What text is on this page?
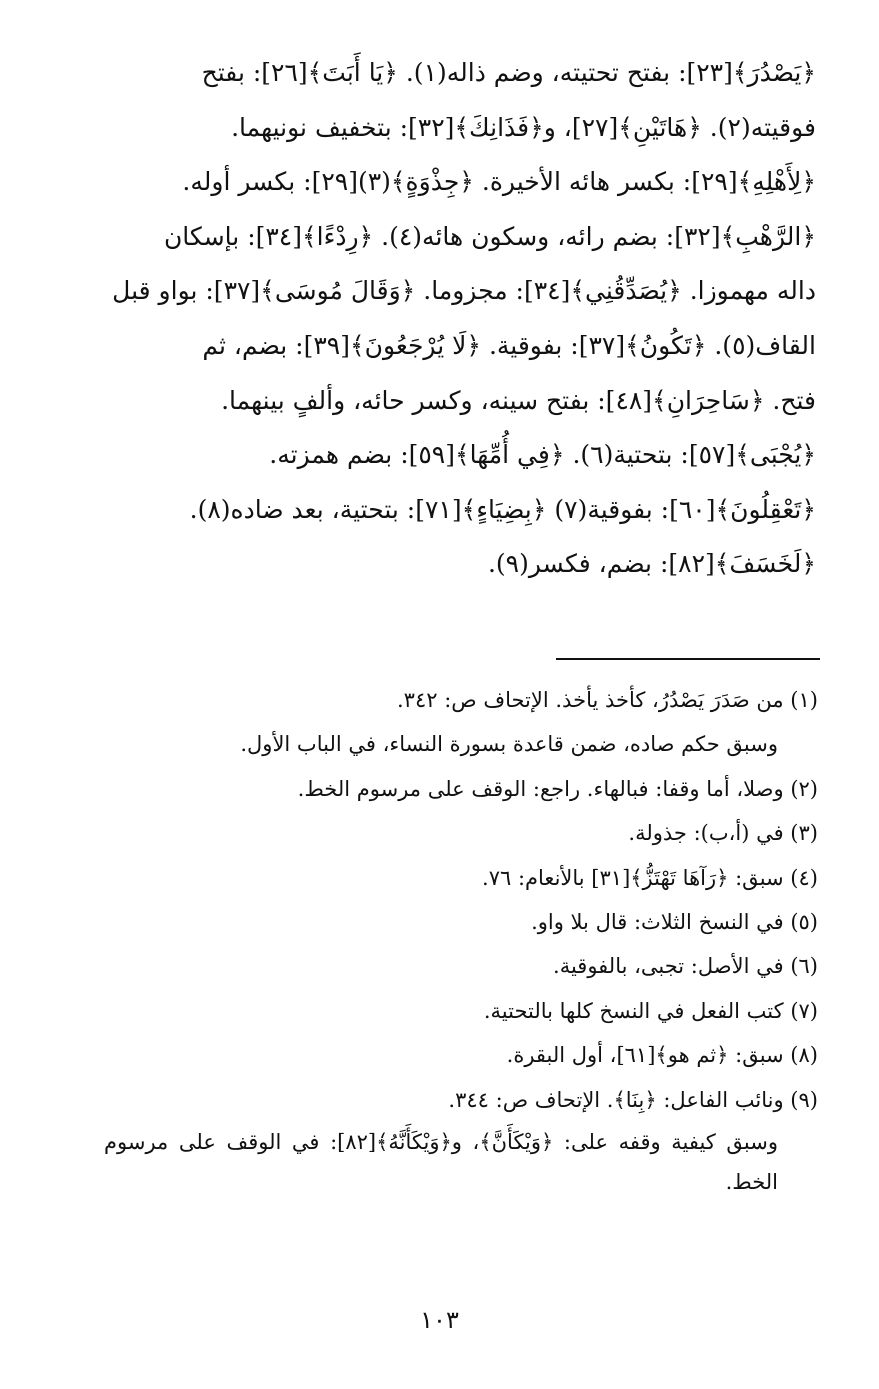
﴿يَصْدُرَ﴾[٢٣]: بفتح تحتيته، وضم ذاله(١). ﴿يَا أَبَتَ﴾[٢٦]: بفتح

فوقيته(٢). ﴿هَاتَيْنِ﴾[٢٧]، و﴿فَذَانِكَ﴾[٣٢]: بتخفيف نونيهما.

﴿لِأَهْلِهِ﴾[٢٩]: بكسر هائه الأخيرة. ﴿جِذْوَةٍ﴾(٣)[٢٩]: بكسر أوله.

﴿الرَّهْبِ﴾[٣٢]: بضم رائه، وسكون هائه(٤). ﴿رِدْءًا﴾[٣٤]: بإسكان

داله مهموزا. ﴿يُصَدِّقُنِي﴾[٣٤]: مجزوما. ﴿وَقَالَ مُوسَى﴾[٣٧]: بواو قبل

القاف(٥). ﴿تَكُونُ﴾[٣٧]: بفوقية. ﴿لَا يُرْجَعُونَ﴾[٣٩]: بضم، ثم

فتح. ﴿سَاحِرَانِ﴾[٤٨]: بفتح سينه، وكسر حائه، وألفٍ بينهما.

﴿يُجْبَى﴾[٥٧]: بتحتية(٦). ﴿فِي أُمِّهَا﴾[٥٩]: بضم همزته.

﴿تَعْقِلُونَ﴾[٦٠]: بفوقية(٧) ﴿بِضِيَاءٍ﴾[٧١]: بتحتية، بعد ضاده(٨).

﴿لَخَسَفَ﴾[٨٢]: بضم، فكسر(٩).

(١) من صَدَرَ يَصْدُرُ، كأخذ يأخذ. الإتحاف ص: ٣٤٢.

وسبق حكم صاده، ضمن قاعدة بسورة النساء، في الباب الأول.

(٢) وصلا، أما وقفا: فبالهاء. راجع: الوقف على مرسوم الخط.

(٣) في (أ،ب): جذولة.

(٤) سبق: ﴿رَآهَا تَهْتَزُّ﴾[٣١] بالأنعام: ٧٦.

(٥) في النسخ الثلاث: قال بلا واو.

(٦) في الأصل: تجبى، بالفوقية.

(٧) كتب الفعل في النسخ كلها بالتحتية.

(٨) سبق: ﴿ثم هو﴾[٦١]، أول البقرة.

(٩) ونائب الفاعل: ﴿بِنَا﴾. الإتحاف ص: ٣٤٤.

وسبق كيفية وقفه على: ﴿وَيْكَأَنَّ﴾، و﴿وَيْكَأَنَّهُ﴾[٨٢]: في الوقف على مرسوم الخط.

١٠٣
